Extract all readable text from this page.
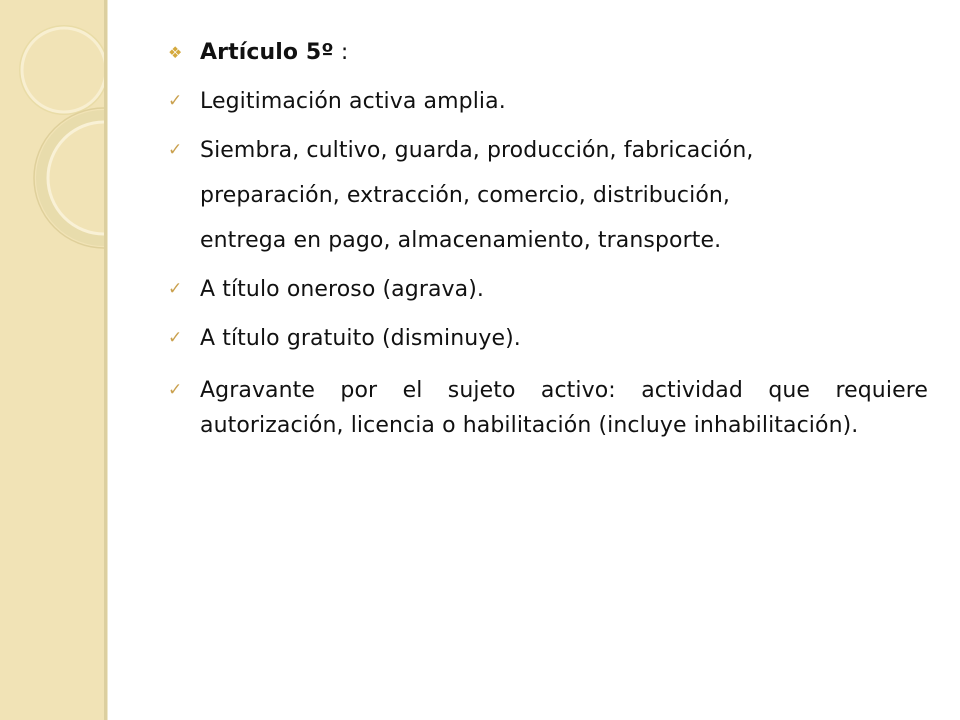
❖ Artículo 5º :
✓ Legitimación activa amplia.
✓ Siembra, cultivo, guarda, producción, fabricación,
preparación, extracción, comercio, distribución,
entrega en pago, almacenamiento, transporte.
✓ A título oneroso (agrava).
✓ A título gratuito (disminuye).
✓ Agravante por el sujeto activo: actividad que requiere autorización, licencia o habilitación (incluye inhabilitación).
